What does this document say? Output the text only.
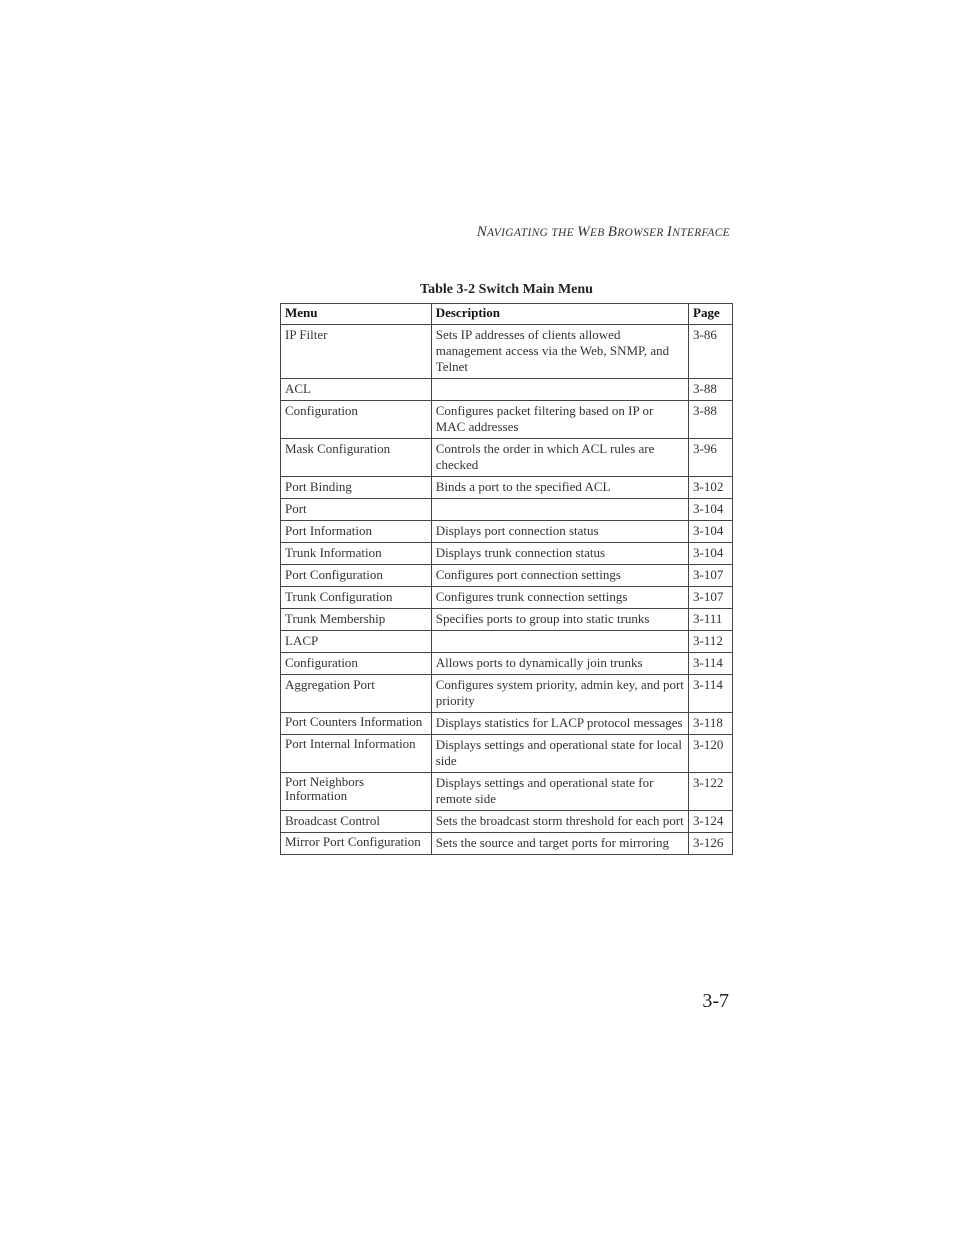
NAVIGATING THE WEB BROWSER INTERFACE
Table 3-2 Switch Main Menu
Menu	Description	Page
IP Filter	Sets IP addresses of clients allowed management access via the Web, SNMP, and Telnet	3-86
ACL		3-88
Configuration	Configures packet filtering based on IP or MAC addresses	3-88
Mask Configuration	Controls the order in which ACL rules are checked	3-96
Port Binding	Binds a port to the specified ACL	3-102
Port		3-104
Port Information	Displays port connection status	3-104
Trunk Information	Displays trunk connection status	3-104
Port Configuration	Configures port connection settings	3-107
Trunk Configuration	Configures trunk connection settings	3-107
Trunk Membership	Specifies ports to group into static trunks	3-111
LACP		3-112
Configuration	Allows ports to dynamically join trunks	3-114
Aggregation Port	Configures system priority, admin key, and port priority	3-114
Port Counters Information	Displays statistics for LACP protocol messages	3-118
Port Internal Information	Displays settings and operational state for local side	3-120
Port Neighbors Information	Displays settings and operational state for remote side	3-122
Broadcast Control	Sets the broadcast storm threshold for each port	3-124
Mirror Port Configuration	Sets the source and target ports for mirroring	3-126
3-7
